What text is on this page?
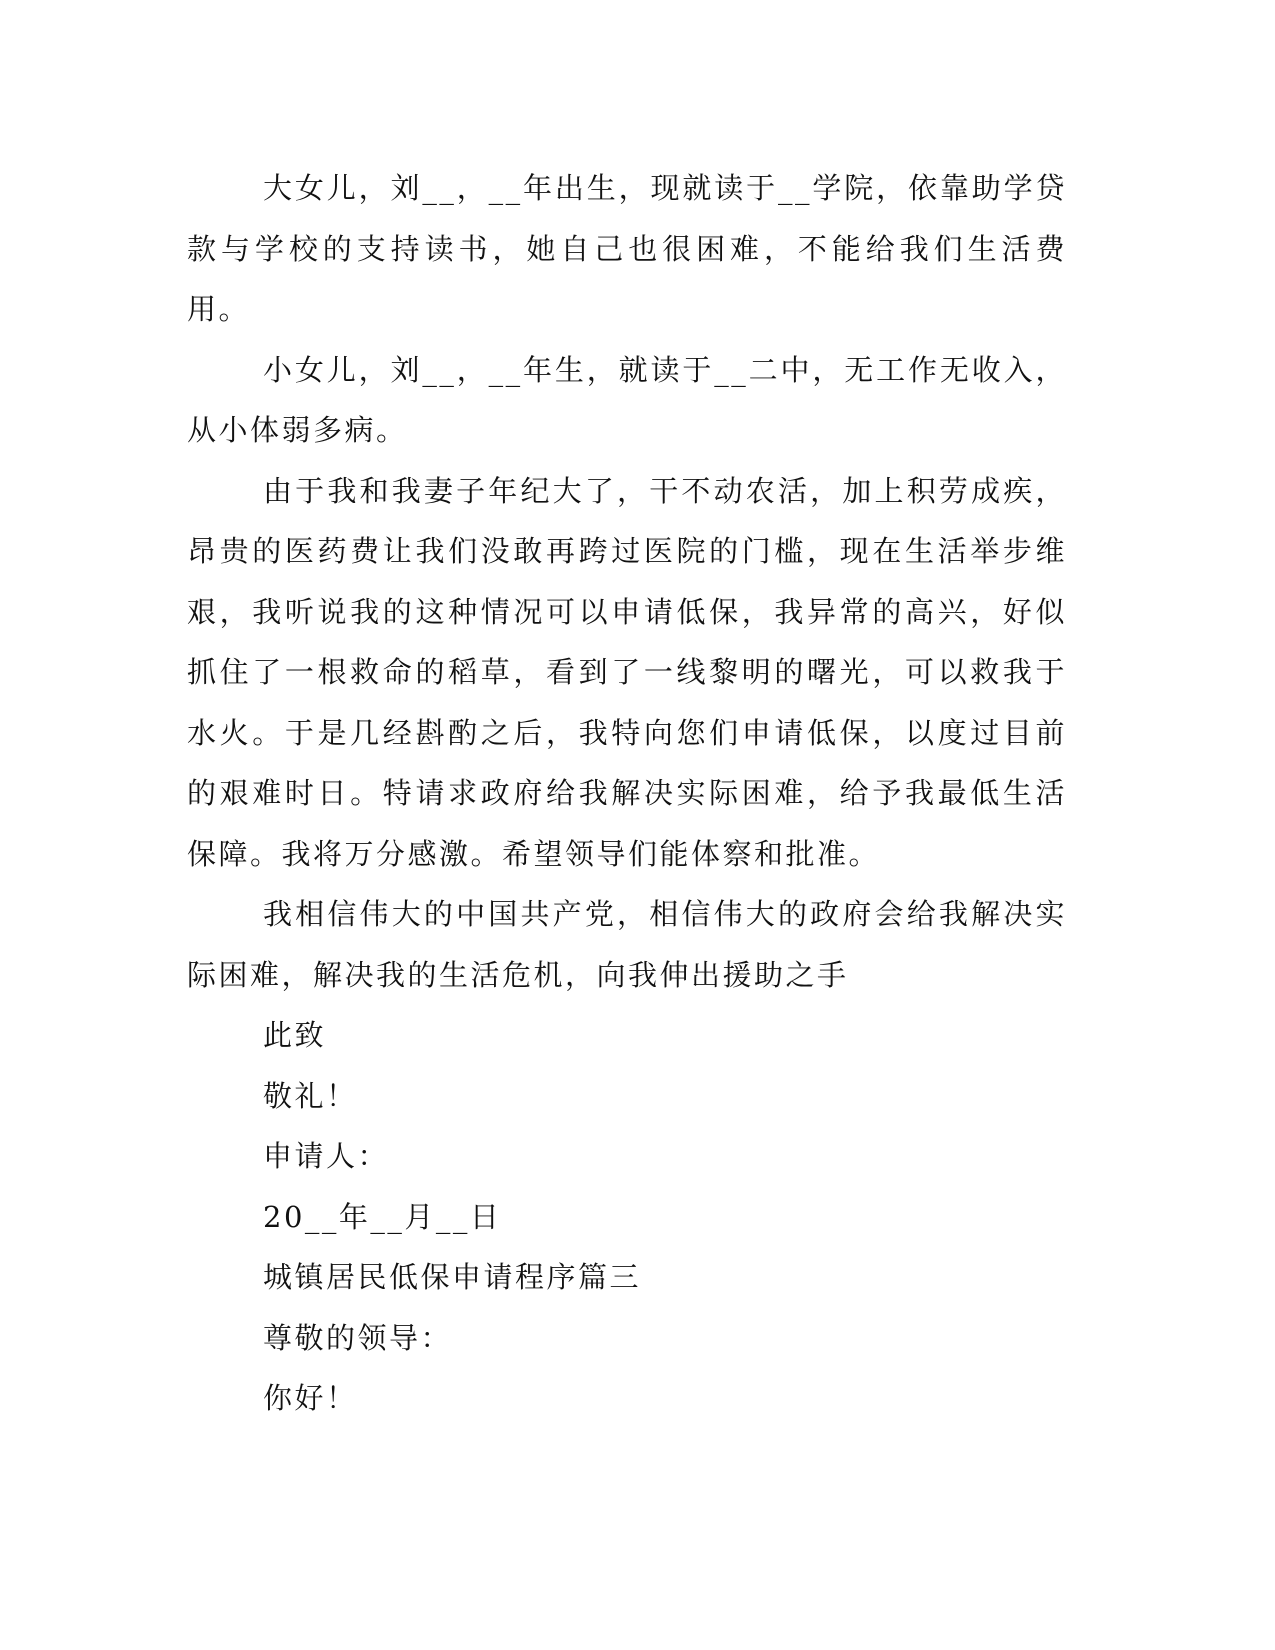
大女儿，刘__，__年出生，现就读于__学院，依靠助学贷款与学校的支持读书，她自己也很困难，不能给我们生活费用。

小女儿，刘__，__年生，就读于__二中，无工作无收入，从小体弱多病。

由于我和我妻子年纪大了，干不动农活，加上积劳成疾，昂贵的医药费让我们没敢再跨过医院的门槛，现在生活举步维艰，我听说我的这种情况可以申请低保，我异常的高兴，好似抓住了一根救命的稻草，看到了一线黎明的曙光，可以救我于水火。于是几经斟酌之后，我特向您们申请低保，以度过目前的艰难时日。特请求政府给我解决实际困难，给予我最低生活保障。我将万分感激。希望领导们能体察和批准。

我相信伟大的中国共产党，相信伟大的政府会给我解决实际困难，解决我的生活危机，向我伸出援助之手

此致
敬礼！
申请人：
20__年__月__日
城镇居民低保申请程序篇三
尊敬的领导：
你好！
